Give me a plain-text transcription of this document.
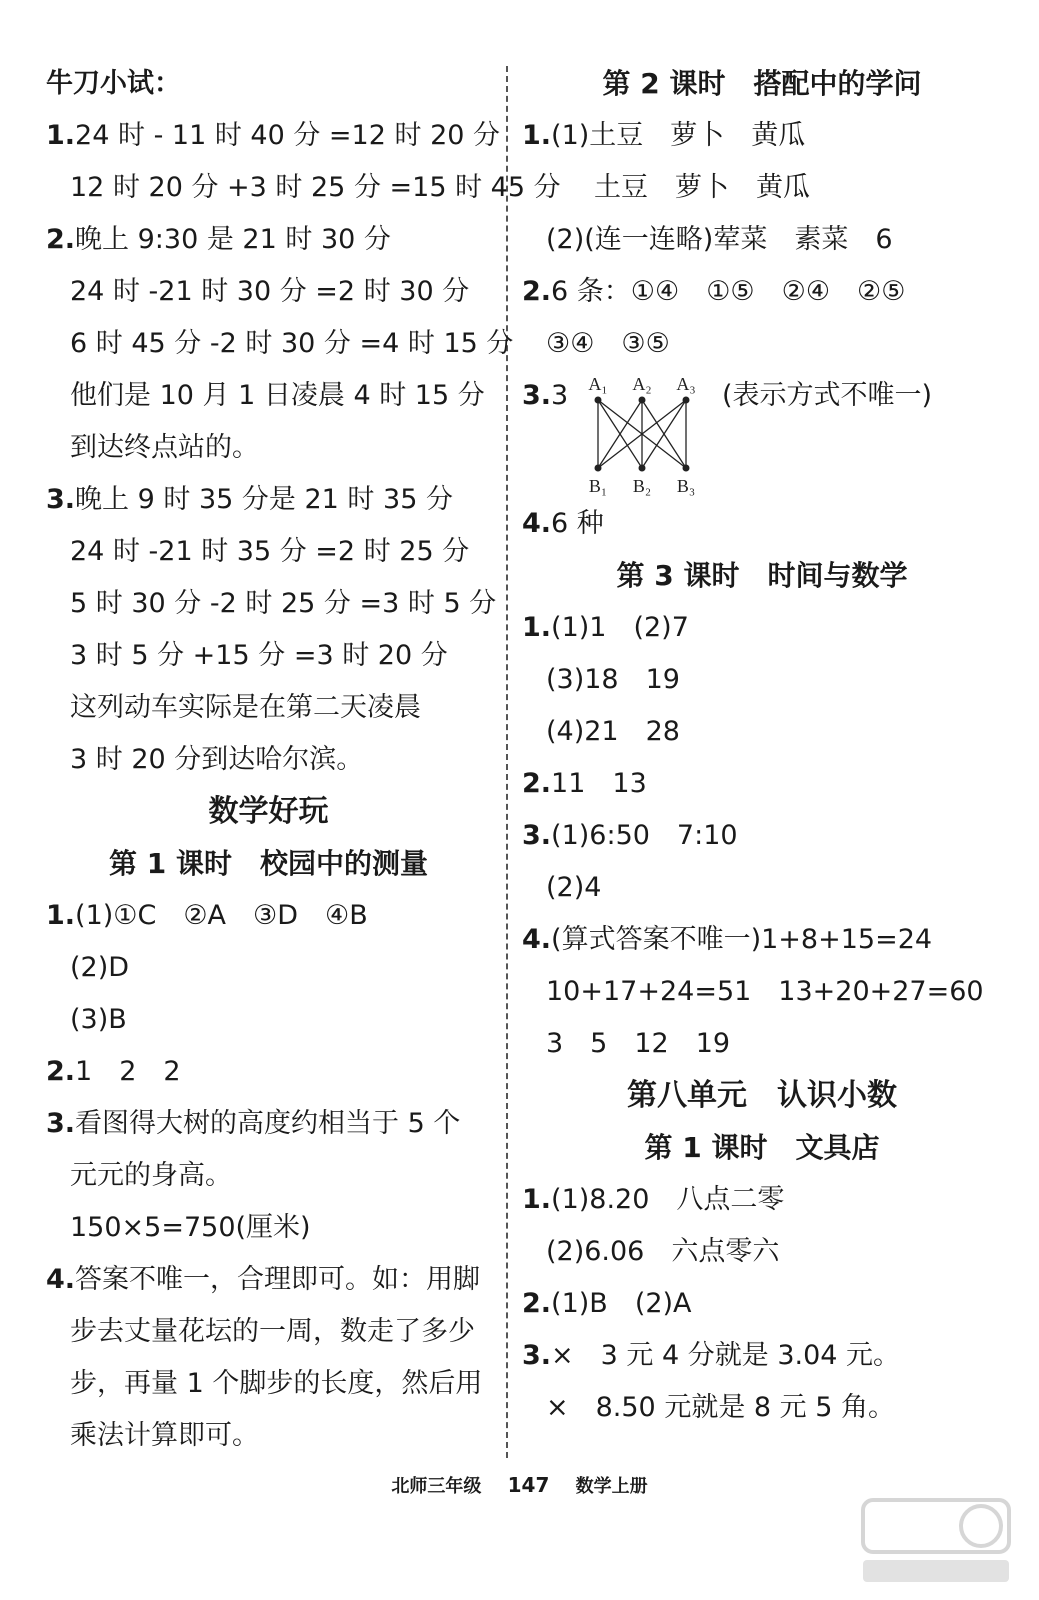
牛刀小试：
1.24 时 - 11 时 40 分 =12 时 20 分
12 时 20 分 +3 时 25 分 =15 时 45 分
2.晚上 9:30 是 21 时 30 分
24 时 -21 时 30 分 =2 时 30 分
6 时 45 分 -2 时 30 分 =4 时 15 分
他们是 10 月 1 日凌晨 4 时 15 分
到达终点站的。
3.晚上 9 时 35 分是 21 时 35 分
24 时 -21 时 35 分 =2 时 25 分
5 时 30 分 -2 时 25 分 =3 时 5 分
3 时 5 分 +15 分 =3 时 20 分
这列动车实际是在第二天凌晨
3 时 20 分到达哈尔滨。
数学好玩
第 1 课时　校园中的测量
1.(1)①C　②A　③D　④B
(2)D
(3)B
2.1　2　2
3.看图得大树的高度约相当于 5 个
元元的身高。
150×5=750(厘米)
4.答案不唯一，合理即可。如：用脚
步去丈量花坛的一周，数走了多少
步，再量 1 个脚步的长度，然后用
乘法计算即可。
第 2 课时　搭配中的学问
1.(1)土豆　萝卜　黄瓜
土豆　萝卜　黄瓜
(2)(连一连略)荤菜　素菜　6
2.6 条：①④　①⑤　②④　②⑤
③④　③⑤
3.3 A₁ A₂ A₃
B₁ B₂ B₃
(表示方式不唯一)
4.6 种
第 3 课时　时间与数学
1.(1)1　(2)7
(3)18　19
(4)21　28
2.11　13
3.(1)6:50　7:10
(2)4
4.(算式答案不唯一)1+8+15=24
10+17+24=51　13+20+27=60
3　5　12　19
第八单元　认识小数
第 1 课时　文具店
1.(1)8.20　八点二零
(2)6.06　六点零六
2.(1)B　(2)A
3.×　3 元 4 分就是 3.04 元。
×　8.50 元就是 8 元 5 角。
北师三年级 147 数学上册
